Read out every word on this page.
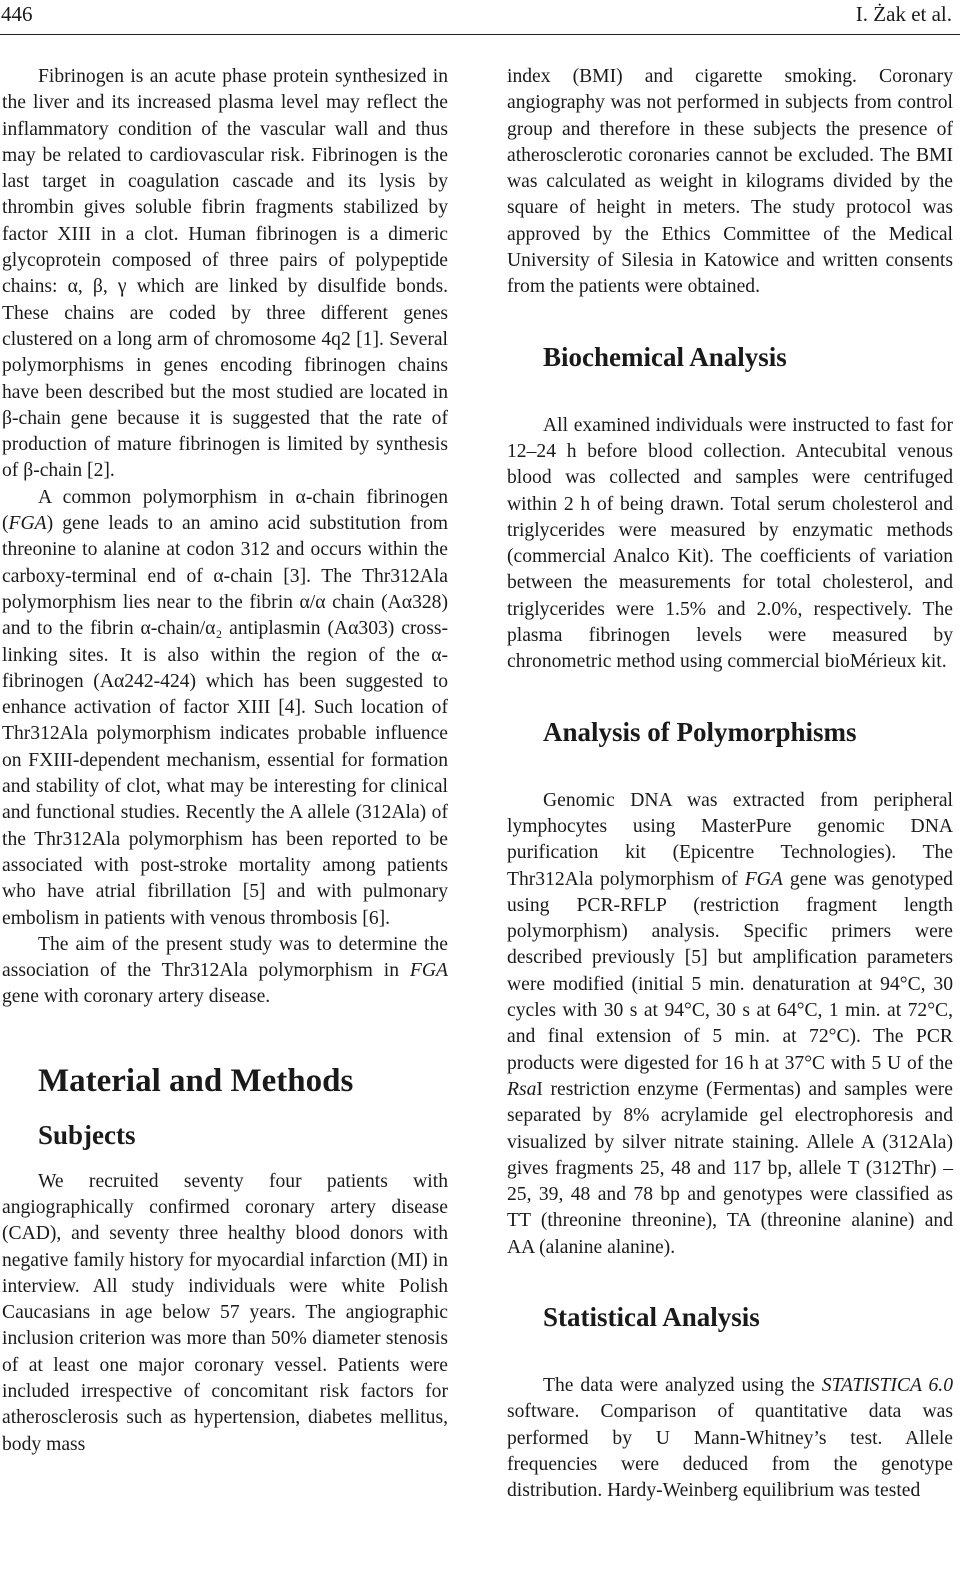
446	I. Żak et al.

Fibrinogen is an acute phase protein synthesized in the liver and its increased plasma level may reflect the inflammatory condition of the vascular wall and thus may be related to cardiovascular risk. Fibrinogen is the last target in coagulation cascade and its lysis by thrombin gives soluble fibrin fragments stabilized by factor XIII in a clot. Human fibrinogen is a dimeric glycoprotein composed of three pairs of polypeptide chains: α, β, γ which are linked by disulfide bonds. These chains are coded by three different genes clustered on a long arm of chromosome 4q2 [1]. Several polymorphisms in genes encoding fibrinogen chains have been described but the most studied are located in β-chain gene because it is suggested that the rate of production of mature fibrinogen is limited by synthesis of β-chain [2].

A common polymorphism in α-chain fibrinogen (FGA) gene leads to an amino acid substitution from threonine to alanine at codon 312 and occurs within the carboxy-terminal end of α-chain [3]. The Thr312Ala polymorphism lies near to the fibrin α/α chain (Aα328) and to the fibrin α-chain/α₂ antiplasmin (Aα303) cross-linking sites. It is also within the region of the α-fibrinogen (Aα242-424) which has been suggested to enhance activation of factor XIII [4]. Such location of Thr312Ala polymorphism indicates probable influence on FXIII-dependent mechanism, essential for formation and stability of clot, what may be interesting for clinical and functional studies. Recently the A allele (312Ala) of the Thr312Ala polymorphism has been reported to be associated with post-stroke mortality among patients who have atrial fibrillation [5] and with pulmonary embolism in patients with venous thrombosis [6].

The aim of the present study was to determine the association of the Thr312Ala polymorphism in FGA gene with coronary artery disease.

Material and Methods
Subjects

We recruited seventy four patients with angiographically confirmed coronary artery disease (CAD), and seventy three healthy blood donors with negative family history for myocardial infarction (MI) in interview. All study individuals were white Polish Caucasians in age below 57 years. The angiographic inclusion criterion was more than 50% diameter stenosis of at least one major coronary vessel. Patients were included irrespective of concomitant risk factors for atherosclerosis such as hypertension, diabetes mellitus, body mass

index (BMI) and cigarette smoking. Coronary angiography was not performed in subjects from control group and therefore in these subjects the presence of atherosclerotic coronaries cannot be excluded. The BMI was calculated as weight in kilograms divided by the square of height in meters. The study protocol was approved by the Ethics Committee of the Medical University of Silesia in Katowice and written consents from the patients were obtained.

Biochemical Analysis

All examined individuals were instructed to fast for 12–24 h before blood collection. Antecubital venous blood was collected and samples were centrifuged within 2 h of being drawn. Total serum cholesterol and triglycerides were measured by enzymatic methods (commercial Analco Kit). The coefficients of variation between the measurements for total cholesterol, and triglycerides were 1.5% and 2.0%, respectively. The plasma fibrinogen levels were measured by chronometric method using commercial bioMérieux kit.

Analysis of Polymorphisms

Genomic DNA was extracted from peripheral lymphocytes using MasterPure genomic DNA purification kit (Epicentre Technologies). The Thr312Ala polymorphism of FGA gene was genotyped using PCR-RFLP (restriction fragment length polymorphism) analysis. Specific primers were described previously [5] but amplification parameters were modified (initial 5 min. denaturation at 94°C, 30 cycles with 30 s at 94°C, 30 s at 64°C, 1 min. at 72°C, and final extension of 5 min. at 72°C). The PCR products were digested for 16 h at 37°C with 5 U of the RsaI restriction enzyme (Fermentas) and samples were separated by 8% acrylamide gel electrophoresis and visualized by silver nitrate staining. Allele A (312Ala) gives fragments 25, 48 and 117 bp, allele T (312Thr) – 25, 39, 48 and 78 bp and genotypes were classified as TT (threonine threonine), TA (threonine alanine) and AA (alanine alanine).

Statistical Analysis

The data were analyzed using the STATISTICA 6.0 software. Comparison of quantitative data was performed by U Mann-Whitney’s test. Allele frequencies were deduced from the genotype distribution. Hardy-Weinberg equilibrium was tested
